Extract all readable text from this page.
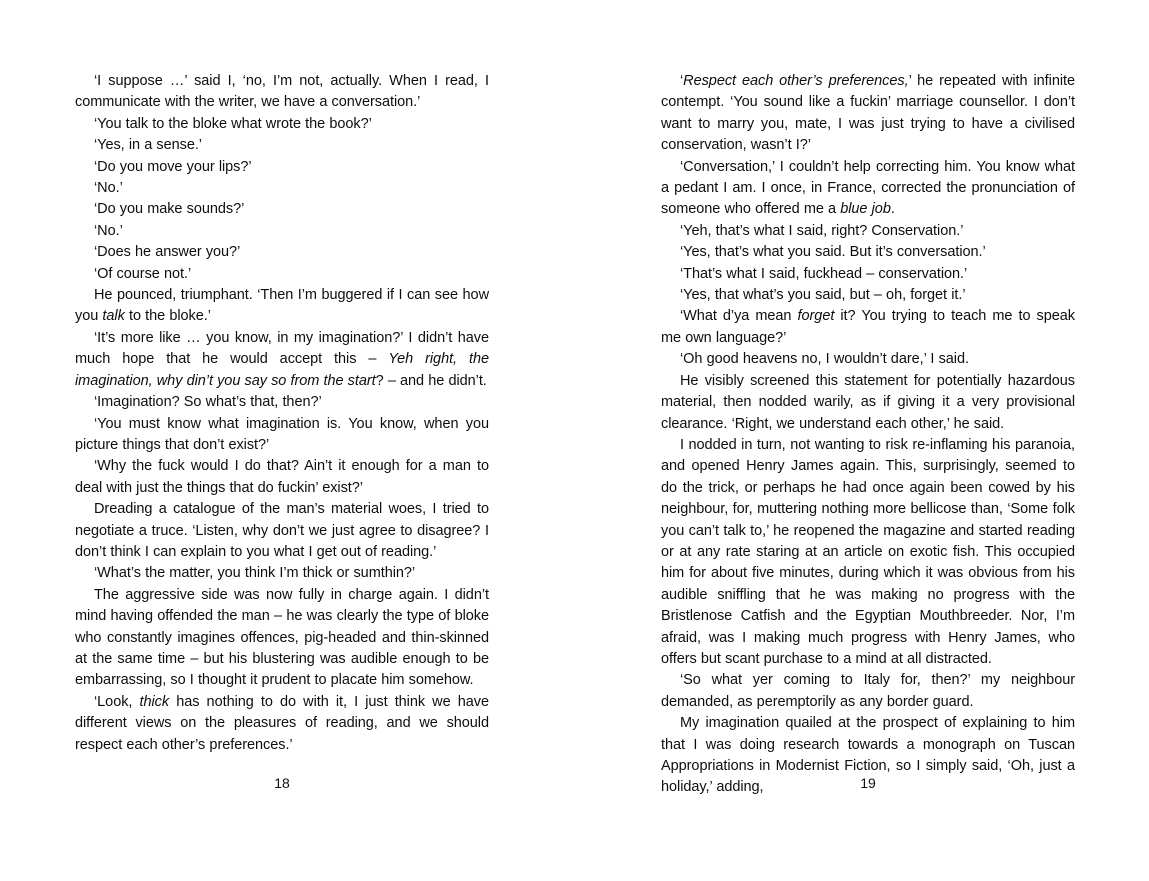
‘I suppose …’ said I, ‘no, I’m not, actually. When I read, I communicate with the writer, we have a conversation.’

‘You talk to the bloke what wrote the book?’

‘Yes, in a sense.’

‘Do you move your lips?’

‘No.’

‘Do you make sounds?’

‘No.’

‘Does he answer you?’

‘Of course not.’

He pounced, triumphant. ‘Then I’m buggered if I can see how you talk to the bloke.’

‘It’s more like … you know, in my imagination?’ I didn’t have much hope that he would accept this – Yeh right, the imagination, why din’t you say so from the start? – and he didn’t.

‘Imagination? So what’s that, then?’

‘You must know what imagination is. You know, when you picture things that don’t exist?’

‘Why the fuck would I do that? Ain’t it enough for a man to deal with just the things that do fuckin’ exist?’

Dreading a catalogue of the man’s material woes, I tried to negotiate a truce. ‘Listen, why don’t we just agree to disagree? I don’t think I can explain to you what I get out of reading.’

‘What’s the matter, you think I’m thick or sumthin?’

The aggressive side was now fully in charge again. I didn’t mind having offended the man – he was clearly the type of bloke who constantly imagines offences, pig-headed and thin-skinned at the same time – but his blustering was audible enough to be embarrassing, so I thought it prudent to placate him somehow.

‘Look, thick has nothing to do with it, I just think we have different views on the pleasures of reading, and we should respect each other’s preferences.’

18

‘Respect each other’s preferences,’ he repeated with infinite contempt. ‘You sound like a fuckin’ marriage counsellor. I don’t want to marry you, mate, I was just trying to have a civilised conservation, wasn’t I?’

‘Conversation,’ I couldn’t help correcting him. You know what a pedant I am. I once, in France, corrected the pronunciation of someone who offered me a blue job.

‘Yeh, that’s what I said, right? Conservation.’

‘Yes, that’s what you said. But it’s conversation.’

‘That’s what I said, fuckhead – conservation.’

‘Yes, that what’s you said, but – oh, forget it.’

‘What d’ya mean forget it? You trying to teach me to speak me own language?’

‘Oh good heavens no, I wouldn’t dare,’ I said.

He visibly screened this statement for potentially hazardous material, then nodded warily, as if giving it a very provisional clearance. ‘Right, we understand each other,’ he said.

I nodded in turn, not wanting to risk re-inflaming his paranoia, and opened Henry James again. This, surprisingly, seemed to do the trick, or perhaps he had once again been cowed by his neighbour, for, muttering nothing more bellicose than, ‘Some folk you can’t talk to,’ he reopened the magazine and started reading or at any rate staring at an article on exotic fish. This occupied him for about five minutes, during which it was obvious from his audible sniffling that he was making no progress with the Bristlenose Catfish and the Egyptian Mouthbreeder. Nor, I’m afraid, was I making much progress with Henry James, who offers but scant purchase to a mind at all distracted.

‘So what yer coming to Italy for, then?’ my neighbour demanded, as peremptorily as any border guard.

My imagination quailed at the prospect of explaining to him that I was doing research towards a monograph on Tuscan Appropriations in Modernist Fiction, so I simply said, ‘Oh, just a holiday,’ adding,	19
